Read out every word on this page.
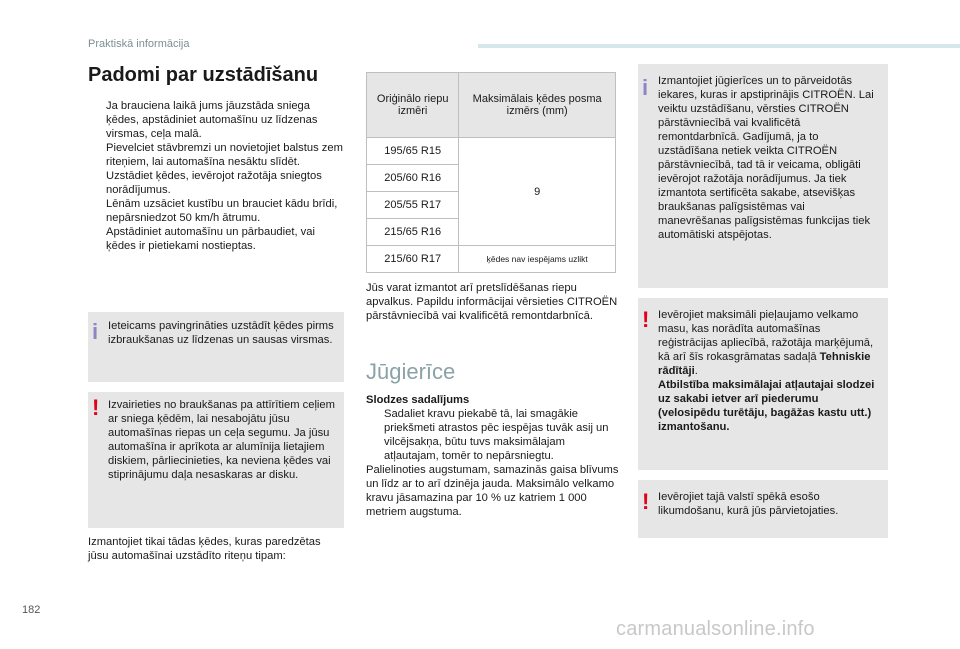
Praktiskā informācija
Padomi par uzstādīšanu
Ja brauciena laikā jums jāuzstāda sniega ķēdes, apstādiniet automašīnu uz līdzenas virsmas, ceļa malā.
Pievelciet stāvbremzi un novietojiet balstus zem riteņiem, lai automašīna nesāktu slīdēt.
Uzstādiet ķēdes, ievērojot ražotāja sniegtos norādījumus.
Lēnām uzsāciet kustību un brauciet kādu brīdi, nepārsniedzot 50 km/h ātrumu.
Apstādiniet automašīnu un pārbaudiet, vai ķēdes ir pietiekami nostieptas.
i Ieteicams pavingrināties uzstādīt ķēdes pirms izbraukšanas uz līdzenas un sausas virsmas.
! Izvairieties no braukšanas pa attīrītiem ceļiem ar sniega ķēdēm, lai nesabojātu jūsu automašīnas riepas un ceļa segumu. Ja jūsu automašīna ir aprīkota ar alumīnija lietajiem diskiem, pārliecinieties, ka neviena ķēdes vai stiprinājumu daļa nesaskaras ar disku.
Izmantojiet tikai tādas ķēdes, kuras paredzētas jūsu automašīnai uzstādīto riteņu tipam:
Oriģinālo riepu izmēri	Maksimālais ķēdes posma izmērs (mm)
195/65 R15	9
205/60 R16	
205/55 R17	
215/65 R16	
215/60 R17	ķēdes nav iespējams uzlikt
Jūs varat izmantot arī pretslīdēšanas riepu apvalkus. Papildu informācijai vērsieties CITROËN pārstāvniecībā vai kvalificētā remontdarbnīcā.
Jūgierīce
Slodzes sadalījums
Sadaliet kravu piekabē tā, lai smagākie priekšmeti atrastos pēc iespējas tuvāk asij un vilcējsakņa, būtu tuvs maksimālajam atļautajam, tomēr to nepārsniegtu.
Palielinoties augstumam, samazinās gaisa blīvums un līdz ar to arī dzinēja jauda. Maksimālo velkamo kravu jāsamazina par 10 % uz katriem 1 000 metriem augstuma.
i Izmantojiet jūgierīces un to pārveidotās iekares, kuras ir apstiprinājis CITROËN. Lai veiktu uzstādīšanu, vērsties CITROËN pārstāvniecībā vai kvalificētā remontdarbnīcā. Gadījumā, ja to uzstādīšana netiek veikta CITROËN pārstāvniecībā, tad tā ir veicama, obligāti ievērojot ražotāja norādījumus. Ja tiek izmantota sertificēta sakabe, atsevišķas braukšanas palīgsistēmas vai manevrēšanas palīgsistēmas funkcijas tiek automātiski atspējotas.
! Ievērojiet maksimāli pieļaujamo velkamo masu, kas norādīta automašīnas reģistrācijas apliecībā, ražotāja marķējumā, kā arī šīs rokasgrāmatas sadaļā Tehniskie rādītāji.
Atbilstība maksimālajai atļautajai slodzei uz sakabi ietver arī piederumu (velosipēdu turētāju, bagāžas kastu utt.) izmantošanu.
! Ievērojiet tajā valstī spēkā esošo likumdošanu, kurā jūs pārvietojaties.
182
carmanualsonline.info
